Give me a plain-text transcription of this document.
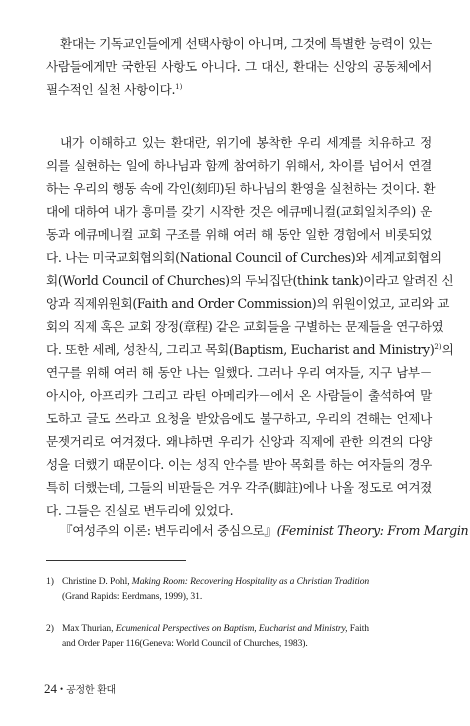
환대는 기독교인들에게 선택사항이 아니며, 그것에 특별한 능력이 있는
사람들에게만 국한된 사항도 아니다. 그 대신, 환대는 신앙의 공동체에서
필수적인 실천 사항이다.$^{1)}$
내가 이해하고 있는 환대란, 위기에 봉착한 우리 세계를 치유하고 정
의를 실현하는 일에 하나님과 함께 참여하기 위해서, 차이를 넘어서 연결
하는 우리의 행동 속에 각인(刻印)된 하나님의 환영을 실천하는 것이다. 환
대에 대하여 내가 흥미를 갖기 시작한 것은 에큐메니컬(교회일치주의) 운
동과 에큐메니컬 교회 구조를 위해 여러 해 동안 일한 경험에서 비롯되었
다. 나는 미국교회협의회(National Council of Curches)와 세계교회협의
회(World Council of Churches)의 두뇌집단(think tank)이라고 알려진 신
앙과 직제위원회(Faith and Order Commission)의 위원이었고, 교리와 교
회의 직제 혹은 교회 장정(章程) 같은 교회들을 구별하는 문제들을 연구하였
다. 또한 세례, 성찬식, 그리고 목회(Baptism, Eucharist and Ministry)$^{2)}$의
연구를 위해 여러 해 동안 나는 일했다. 그러나 우리 여자들, 지구 남부－
아시아, 아프리카 그리고 라틴 아메리카－에서 온 사람들이 출석하여 말
도하고 글도 쓰라고 요청을 받았음에도 불구하고, 우리의 견해는 언제나
문젯거리로 여겨졌다. 왜냐하면 우리가 신앙과 직제에 관한 의견의 다양
성을 더했기 때문이다. 이는 성직 안수를 받아 목회를 하는 여자들의 경우
특히 더했는데, 그들의 비판들은 겨우 각주(脚註)에나 나올 정도로 여겨졌
다. 그들은 진실로 변두리에 있었다.
『여성주의 이론: 변두리에서 중심으로』(Feminist Theory: From Margin
1) Christine D. Pohl, Making Room: Recovering Hospitality as a Christian Tradition
(Grand Rapids: Eerdmans, 1999), 31.
2) Max Thurian, Ecumenical Perspectives on Baptism, Eucharist and Ministry, Faith
and Order Paper 116(Geneva: World Council of Churches, 1983).
24 • 공정한 환대
